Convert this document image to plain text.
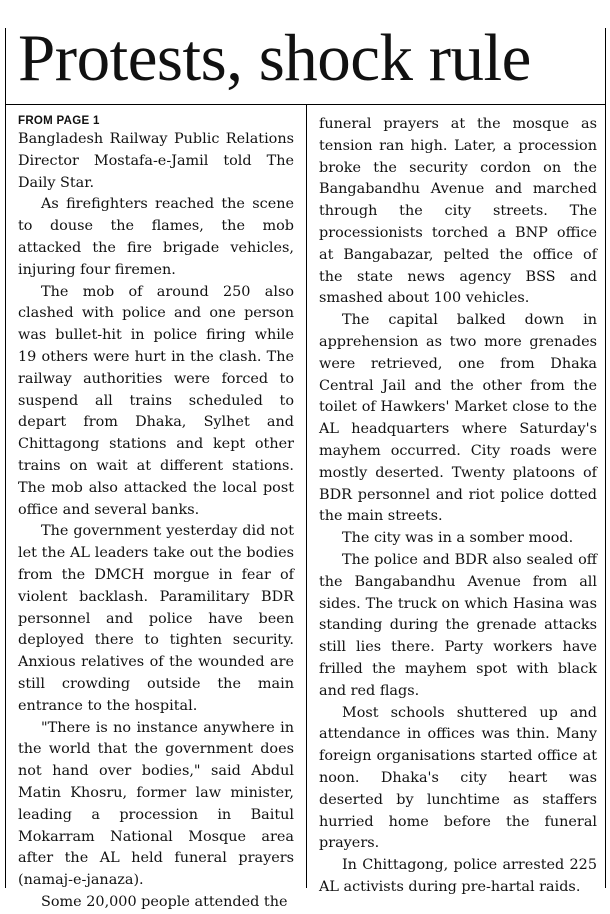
Protests, shock rule
FROM PAGE 1

Bangladesh Railway Public Relations Director Mostafa-e-Jamil told The Daily Star.

As firefighters reached the scene to douse the flames, the mob attacked the fire brigade vehicles, injuring four firemen.

The mob of around 250 also clashed with police and one person was bullet-hit in police firing while 19 others were hurt in the clash. The railway authorities were forced to suspend all trains scheduled to depart from Dhaka, Sylhet and Chittagong stations and kept other trains on wait at different stations. The mob also attacked the local post office and several banks.

The government yesterday did not let the AL leaders take out the bodies from the DMCH morgue in fear of violent backlash. Paramilitary BDR personnel and police have been deployed there to tighten security. Anxious relatives of the wounded are still crowding outside the main entrance to the hospital.

"There is no instance anywhere in the world that the government does not hand over bodies," said Abdul Matin Khosru, former law minister, leading a procession in Baitul Mokarram National Mosque area after the AL held funeral prayers (namaj-e-janaza).

Some 20,000 people attended the

funeral prayers at the mosque as tension ran high. Later, a procession broke the security cordon on the Bangabandhu Avenue and marched through the city streets. The processionists torched a BNP office at Bangabazar, pelted the office of the state news agency BSS and smashed about 100 vehicles.

The capital balked down in apprehension as two more grenades were retrieved, one from Dhaka Central Jail and the other from the toilet of Hawkers' Market close to the AL headquarters where Saturday's mayhem occurred. City roads were mostly deserted. Twenty platoons of BDR personnel and riot police dotted the main streets.

The city was in a somber mood.

The police and BDR also sealed off the Bangabandhu Avenue from all sides. The truck on which Hasina was standing during the grenade attacks still lies there. Party workers have frilled the mayhem spot with black and red flags.

Most schools shuttered up and attendance in offices was thin. Many foreign organisations started office at noon. Dhaka's city heart was deserted by lunchtime as staffers hurried home before the funeral prayers.

In Chittagong, police arrested 225 AL activists during pre-hartal raids.
